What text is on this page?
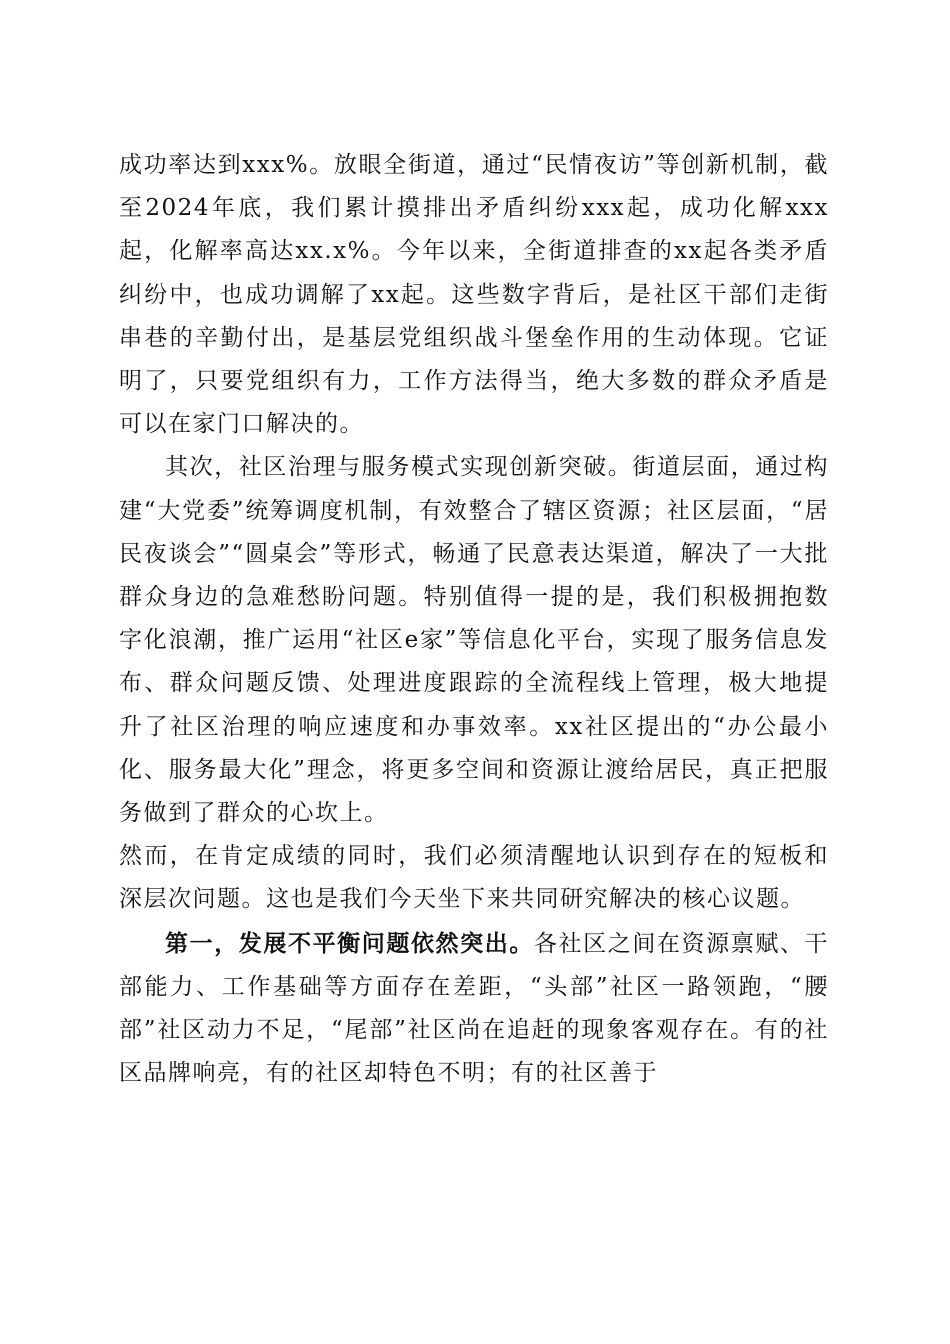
成功率达到xxx%。放眼全街道，通过“民情夜访”等创新机制，截至2024年底，我们累计摸排出矛盾纠纷xxx起，成功化解xxx起，化解率高达xx.x%。今年以来，全街道排查的xx起各类矛盾纠纷中，也成功调解了xx起。这些数字背后，是社区干部们走街串巷的辛勤付出，是基层党组织战斗堡垒作用的生动体现。它证明了，只要党组织有力，工作方法得当，绝大多数的群众矛盾是可以在家门口解决的。

其次，社区治理与服务模式实现创新突破。街道层面，通过构建“大党委”统筹调度机制，有效整合了辖区资源；社区层面，“居民夜谈会”“圆桌会”等形式，畅通了民意表达渠道，解决了一大批群众身边的急难愁盼问题。特别值得一提的是，我们积极拥抱数字化浪潮，推广运用“社区e家”等信息化平台，实现了服务信息发布、群众问题反馈、处理进度跟踪的全流程线上管理，极大地提升了社区治理的响应速度和办事效率。xx社区提出的“办公最小化、服务最大化”理念，将更多空间和资源让渡给居民，真正把服务做到了群众的心坎上。

然而，在肯定成绩的同时，我们必须清醒地认识到存在的短板和深层次问题。这也是我们今天坐下来共同研究解决的核心议题。

第一，发展不平衡问题依然突出。各社区之间在资源禀赋、干部能力、工作基础等方面存在差距，“头部”社区一路领跑，“腰部”社区动力不足，“尾部”社区尚在追赶的现象客观存在。有的社区品牌响亮，有的社区却特色不明；有的社区善于
